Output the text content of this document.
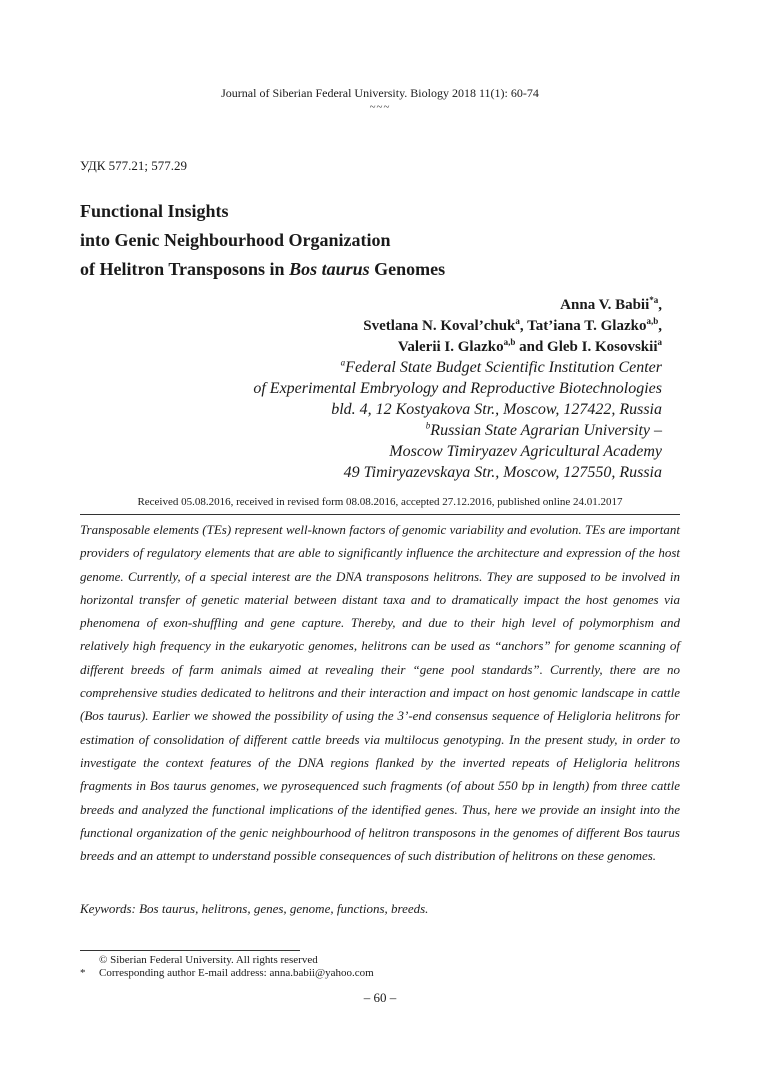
Journal of Siberian Federal University. Biology 2018 11(1): 60-74
~~~
УДК 577.21; 577.29
Functional Insights
into Genic Neighbourhood Organization
of Helitron Transposons in Bos taurus Genomes
Anna V. Babii$^{*a}$,
Svetlana N. Koval’chuk$^a$, Tat’iana T. Glazko$^{a,b}$,
Valerii I. Glazko$^{a,b}$ and Gleb I. Kosovskii$^a$
$^a$Federal State Budget Scientific Institution Center
of Experimental Embryology and Reproductive Biotechnologies
bld. 4, 12 Kostyakova Str., Moscow, 127422, Russia
$^b$Russian State Agrarian University –
Moscow Timiryazev Agricultural Academy
49 Timiryazevskaya Str., Moscow, 127550, Russia
Received 05.08.2016, received in revised form 08.08.2016, accepted 27.12.2016, published online 24.01.2017

Transposable elements (TEs) represent well-known factors of genomic variability and evolution. TEs are important providers of regulatory elements that are able to significantly influence the architecture and expression of the host genome. Currently, of a special interest are the DNA transposons helitrons. They are supposed to be involved in horizontal transfer of genetic material between distant taxa and to dramatically impact the host genomes via phenomena of exon-shuffling and gene capture. Thereby, and due to their high level of polymorphism and relatively high frequency in the eukaryotic genomes, helitrons can be used as “anchors” for genome scanning of different breeds of farm animals aimed at revealing their “gene pool standards”. Currently, there are no comprehensive studies dedicated to helitrons and their interaction and impact on host genomic landscape in cattle (Bos taurus). Earlier we showed the possibility of using the 3’-end consensus sequence of Heligloria helitrons for estimation of consolidation of different cattle breeds via multilocus genotyping. In the present study, in order to investigate the context features of the DNA regions flanked by the inverted repeats of Heligloria helitrons fragments in Bos taurus genomes, we pyrosequenced such fragments (of about 550 bp in length) from three cattle breeds and analyzed the functional implications of the identified genes. Thus, here we provide an insight into the functional organization of the genic neighbourhood of helitron transposons in the genomes of different Bos taurus breeds and an attempt to understand possible consequences of such distribution of helitrons on these genomes.

Keywords: Bos taurus, helitrons, genes, genome, functions, breeds.
© Siberian Federal University. All rights reserved
* Corresponding author E-mail address: anna.babii@yahoo.com
– 60 –
